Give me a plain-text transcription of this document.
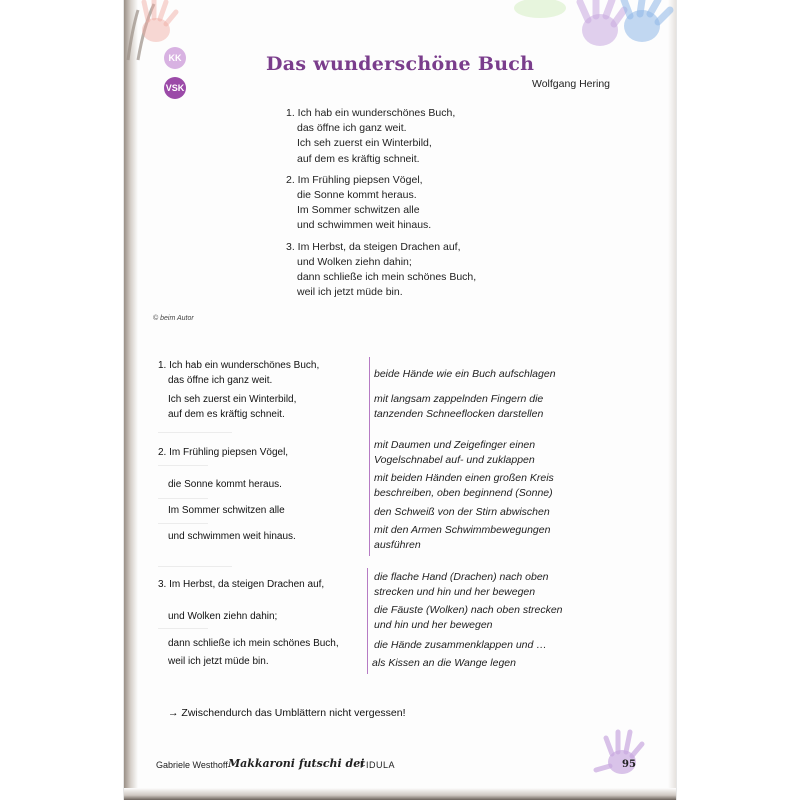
KK
VSK
Das wunderschöne Buch
Wolfgang Hering
1. Ich hab ein wunderschönes Buch,
das öffne ich ganz weit.
Ich seh zuerst ein Winterbild,
auf dem es kräftig schneit.
2. Im Frühling piepsen Vögel,
die Sonne kommt heraus.
Im Sommer schwitzen alle
und schwimmen weit hinaus.
3. Im Herbst, da steigen Drachen auf,
und Wolken ziehn dahin;
dann schließe ich mein schönes Buch,
weil ich jetzt müde bin.
© beim Autor
1. Ich hab ein wunderschönes Buch,
das öffne ich ganz weit.
Ich seh zuerst ein Winterbild,
auf dem es kräftig schneit.
2. Im Frühling piepsen Vögel,
die Sonne kommt heraus.
Im Sommer schwitzen alle
und schwimmen weit hinaus.
3. Im Herbst, da steigen Drachen auf,
und Wolken ziehn dahin;
dann schließe ich mein schönes Buch,
weil ich jetzt müde bin.
beide Hände wie ein Buch aufschlagen
mit langsam zappelnden Fingern die
tanzenden Schneeflocken darstellen
mit Daumen und Zeigefinger einen
Vogelschnabel auf- und zuklappen
mit beiden Händen einen großen Kreis
beschreiben, oben beginnend (Sonne)
den Schweiß von der Stirn abwischen
mit den Armen Schwimmbewegungen
ausführen
die flache Hand (Drachen) nach oben
strecken und hin und her bewegen
die Fäuste (Wolken) nach oben strecken
und hin und her bewegen
die Hände zusammenklappen und …
als Kissen an die Wange legen
→ Zwischendurch das Umblättern nicht vergessen!
Gabriele Westhoff Makkaroni futschi dei
FIDULA	95
